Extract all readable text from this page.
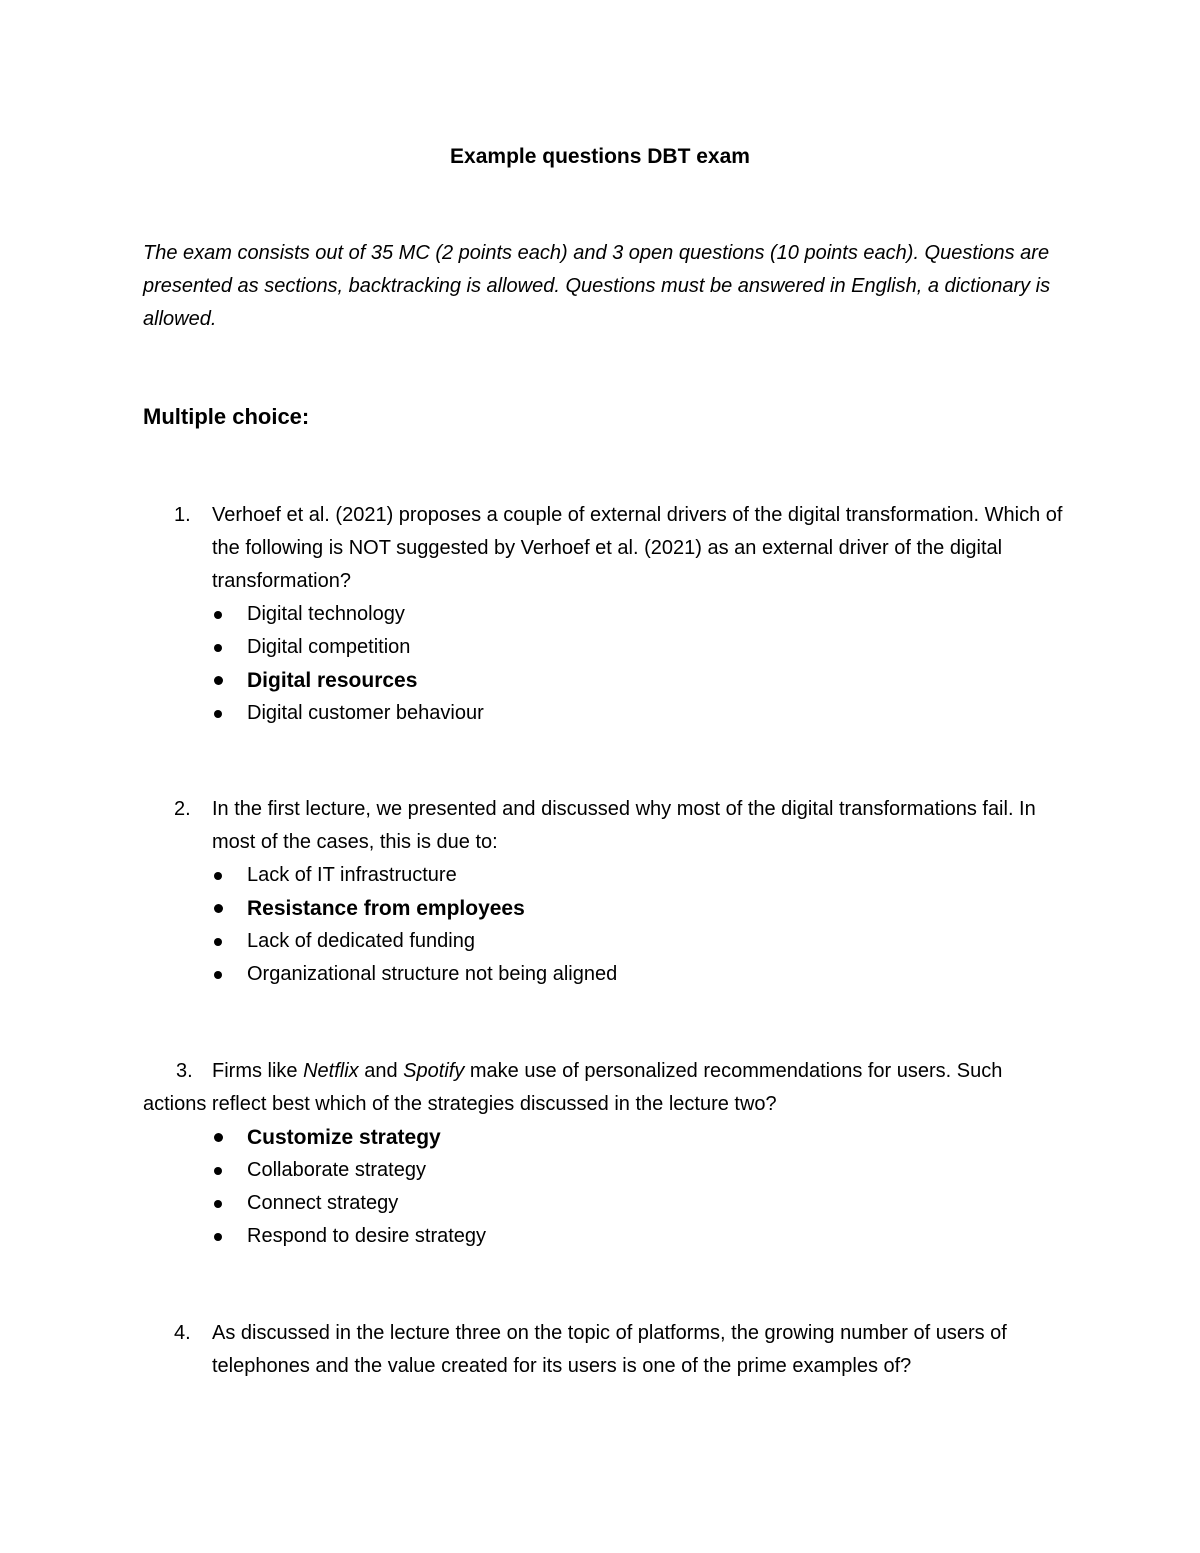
Example questions DBT exam
The exam consists out of 35 MC (2 points each) and 3 open questions (10 points each). Questions are presented as sections, backtracking is allowed. Questions must be answered in English, a dictionary is allowed.
Multiple choice:
1. Verhoef et al. (2021) proposes a couple of external drivers of the digital transformation. Which of the following is NOT suggested by Verhoef et al. (2021) as an external driver of the digital transformation?
Digital technology
Digital competition
Digital resources
Digital customer behaviour
2. In the first lecture, we presented and discussed why most of the digital transformations fail. In most of the cases, this is due to:
Lack of IT infrastructure
Resistance from employees
Lack of dedicated funding
Organizational structure not being aligned
3. Firms like Netflix and Spotify make use of personalized recommendations for users. Such actions reflect best which of the strategies discussed in the lecture two?
Customize strategy
Collaborate strategy
Connect strategy
Respond to desire strategy
4. As discussed in the lecture three on the topic of platforms, the growing number of users of telephones and the value created for its users is one of the prime examples of?
